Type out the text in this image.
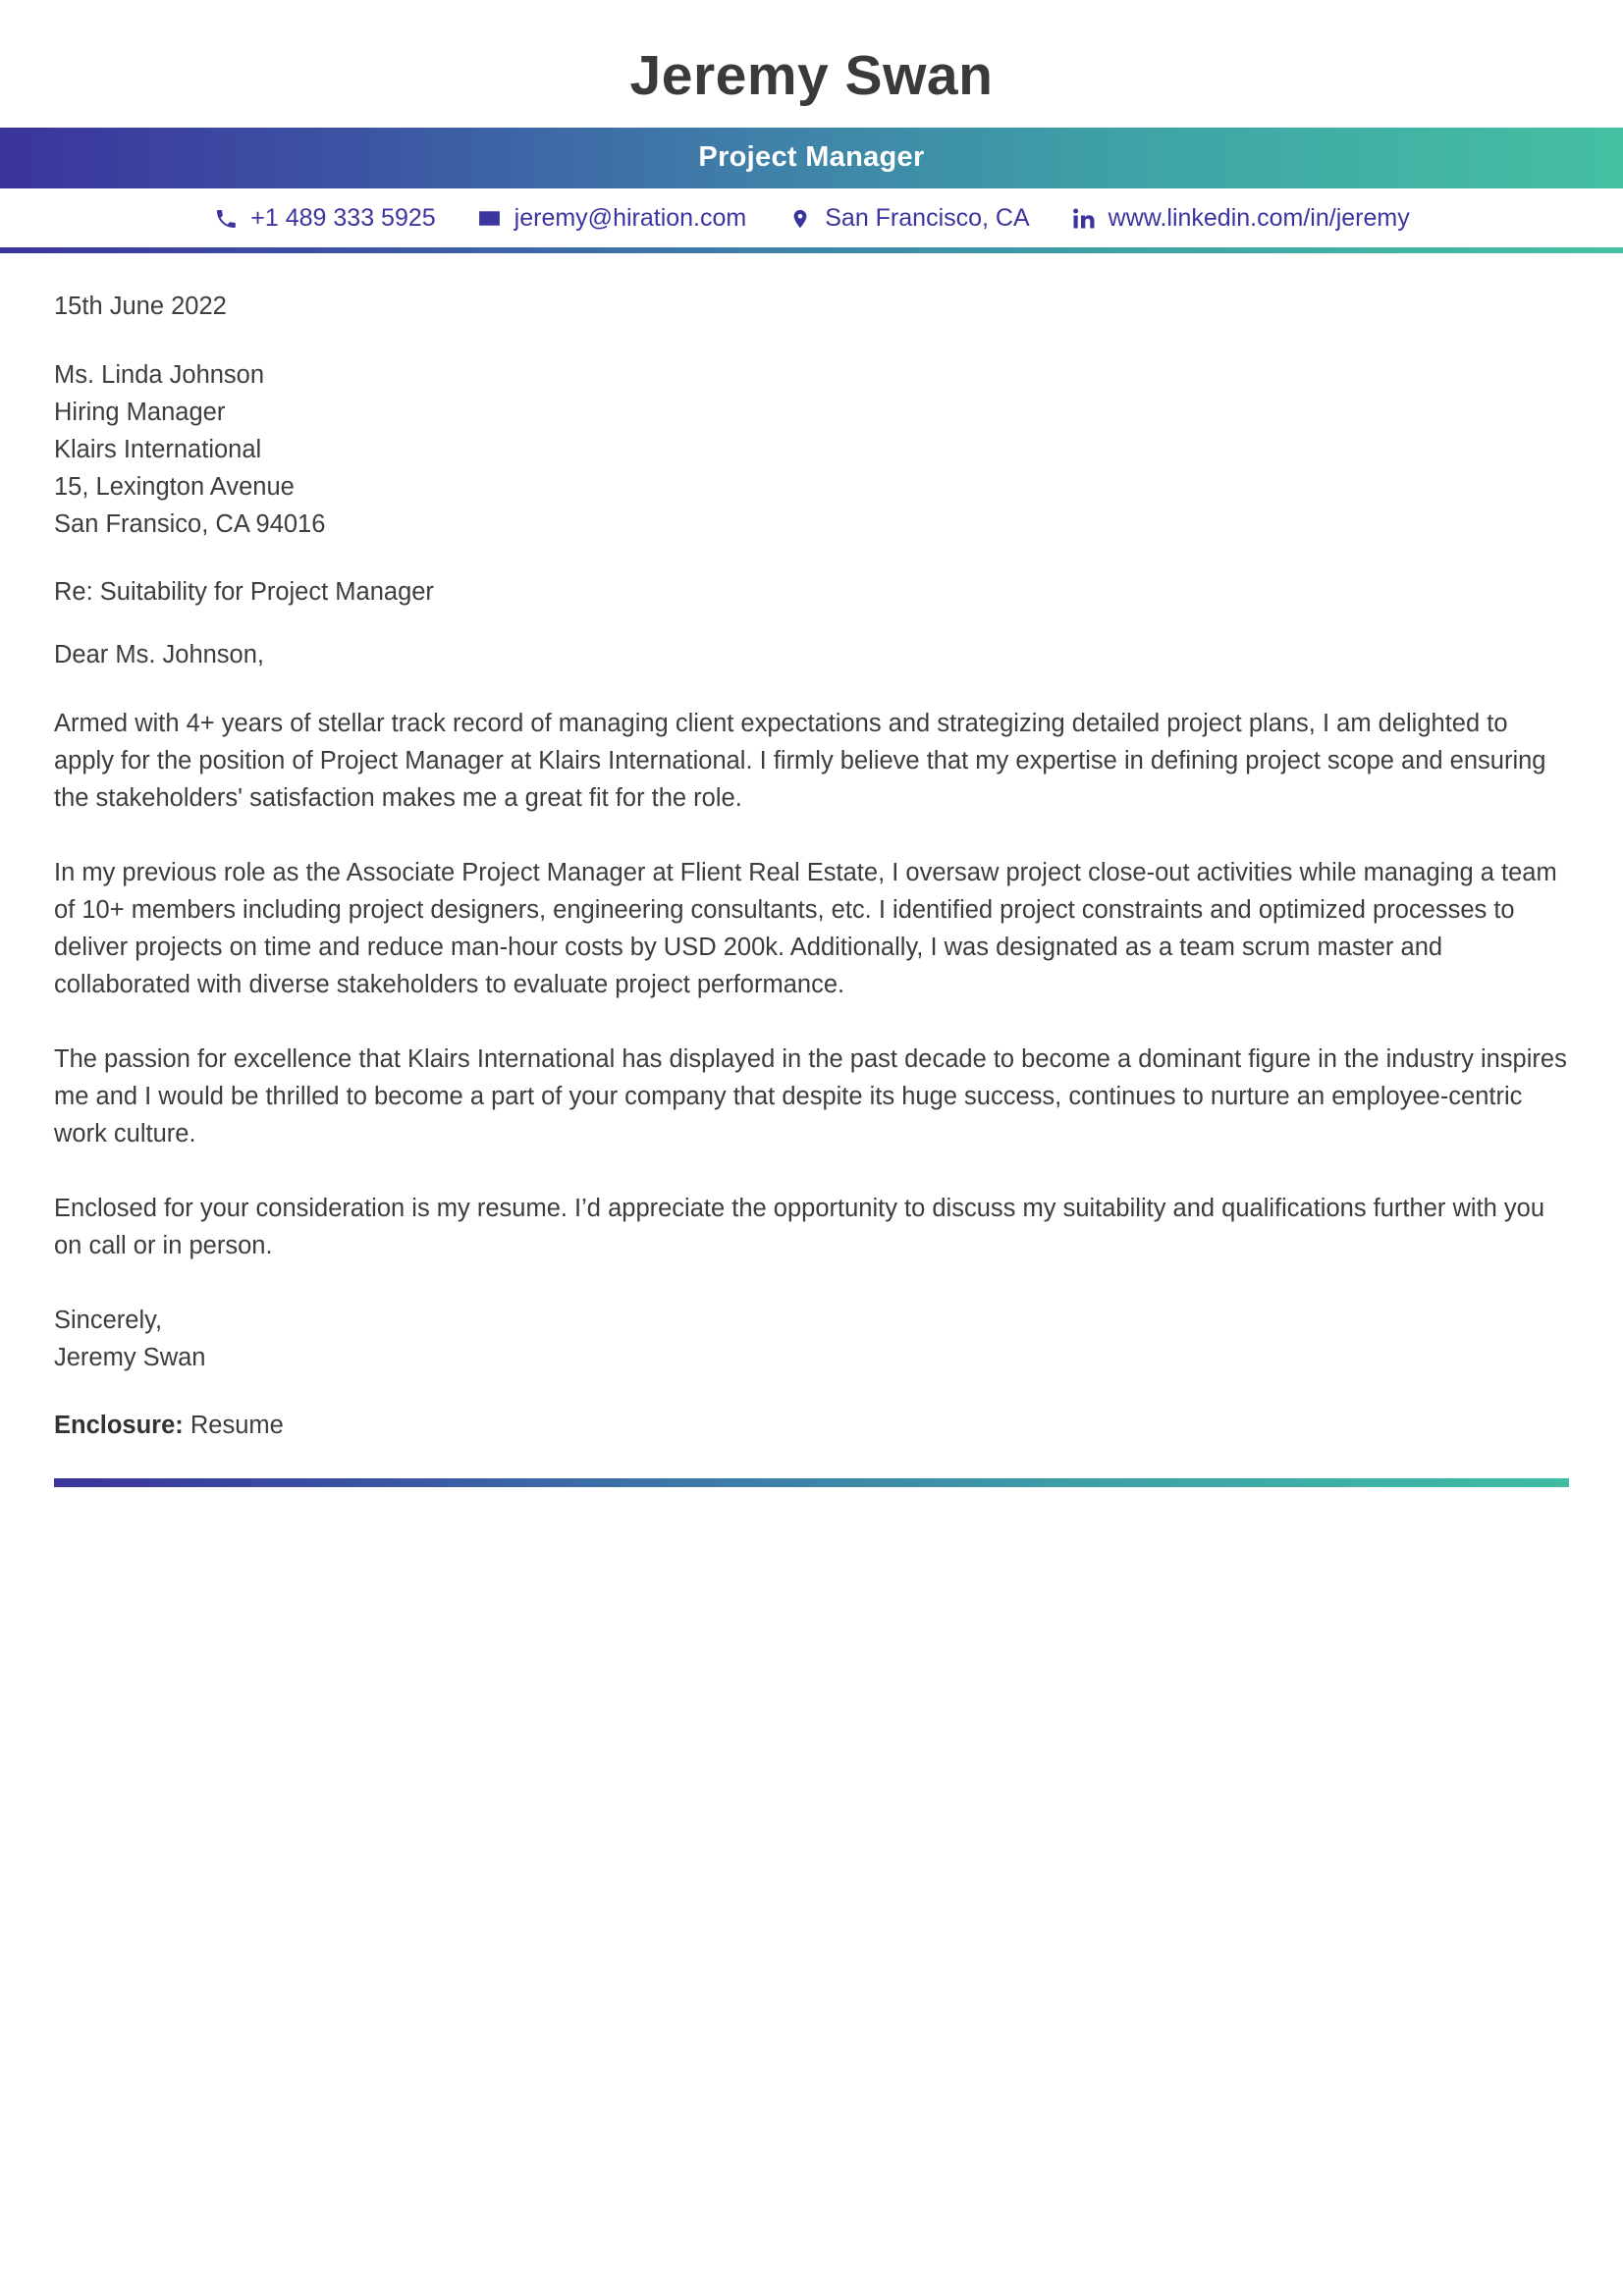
Jeremy Swan
Project Manager
+1 489 333 5925	jeremy@hiration.com	San Francisco, CA	www.linkedin.com/in/jeremy
15th June 2022
Ms. Linda Johnson
Hiring Manager
Klairs International
15, Lexington Avenue
San Fransico, CA 94016
Re: Suitability for Project Manager
Dear Ms. Johnson,

Armed with 4+ years of stellar track record of managing client expectations and strategizing detailed project plans, I am delighted to apply for the position of Project Manager at Klairs International. I firmly believe that my expertise in defining project scope and ensuring the stakeholders' satisfaction makes me a great fit for the role.

In my previous role as the Associate Project Manager at Flient Real Estate, I oversaw project close-out activities while managing a team of 10+ members including project designers, engineering consultants, etc. I identified project constraints and optimized processes to deliver projects on time and reduce man-hour costs by USD 200k. Additionally, I was designated as a team scrum master and collaborated with diverse stakeholders to evaluate project performance.

The passion for excellence that Klairs International has displayed in the past decade to become a dominant figure in the industry inspires me and I would be thrilled to become a part of your company that despite its huge success, continues to nurture an employee-centric work culture.

Enclosed for your consideration is my resume. I’d appreciate the opportunity to discuss my suitability and qualifications further with you on call or in person.

Sincerely,
Jeremy Swan
Enclosure: Resume
